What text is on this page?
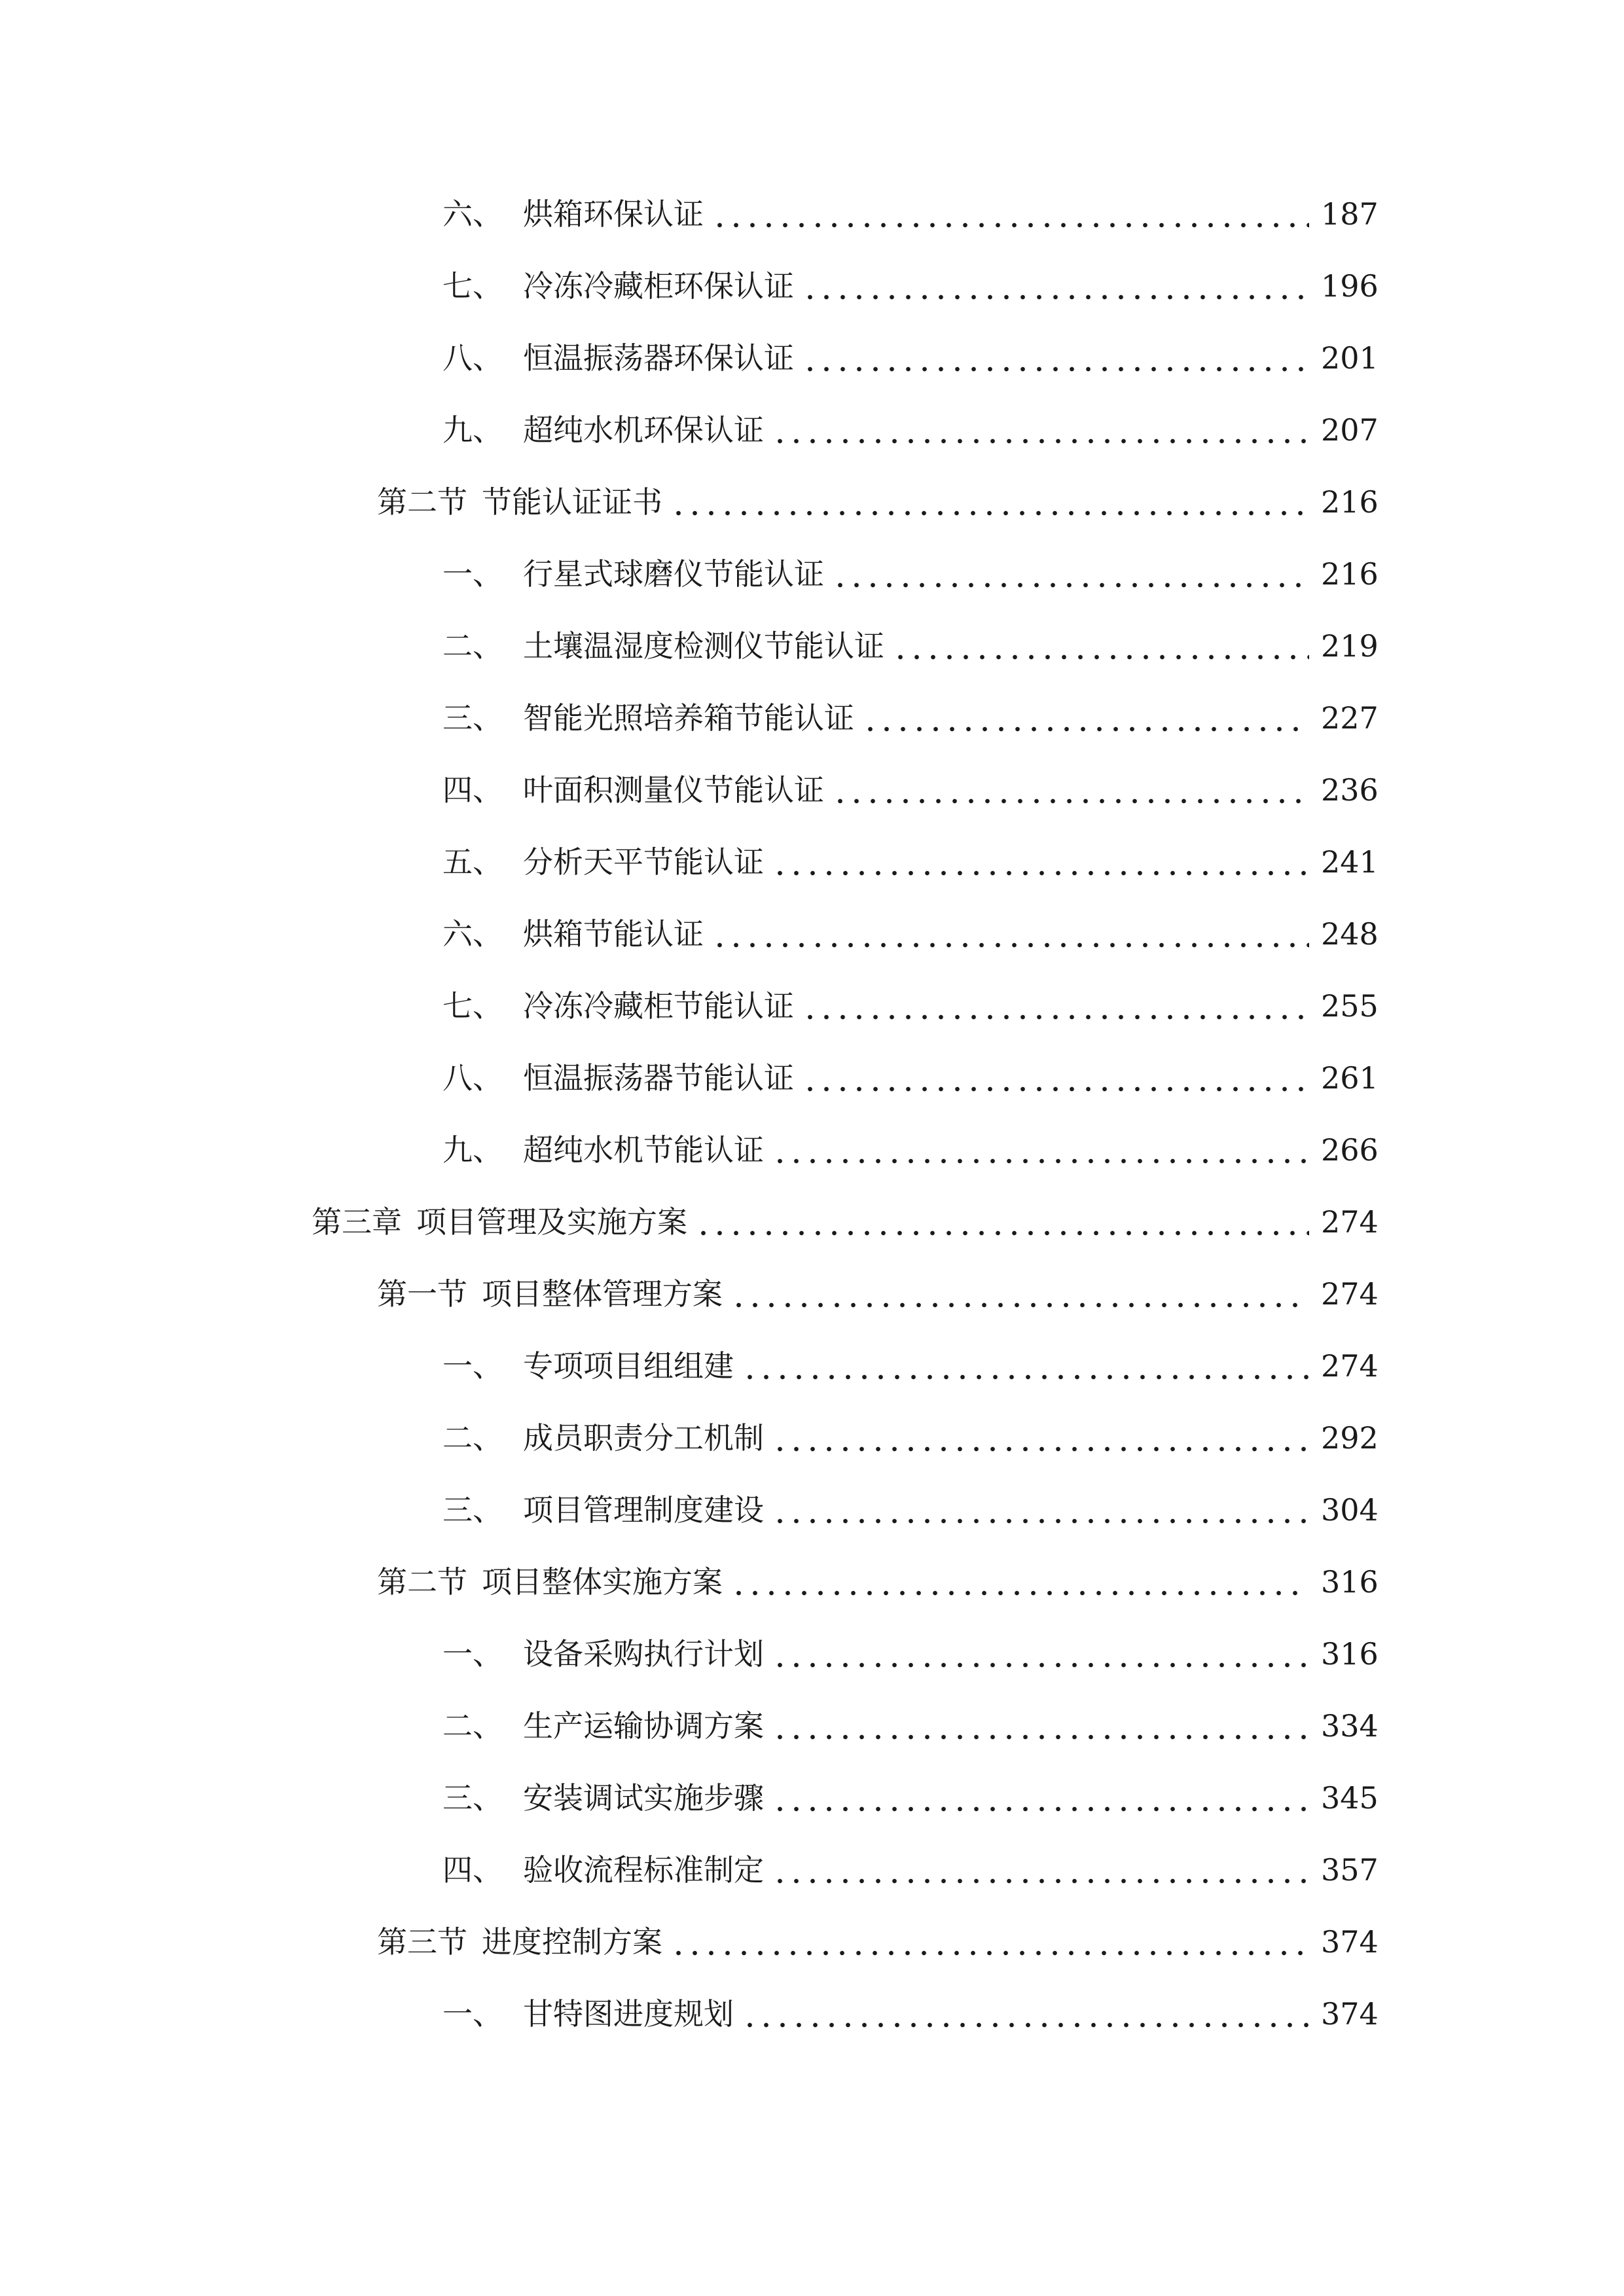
六、 烘箱环保认证	187
七、 冷冻冷藏柜环保认证	196
八、 恒温振荡器环保认证	201
九、 超纯水机环保认证	207
第二节 节能认证证书	216
一、 行星式球磨仪节能认证	216
二、 土壤温湿度检测仪节能认证	219
三、 智能光照培养箱节能认证	227
四、 叶面积测量仪节能认证	236
五、 分析天平节能认证	241
六、 烘箱节能认证	248
七、 冷冻冷藏柜节能认证	255
八、 恒温振荡器节能认证	261
九、 超纯水机节能认证	266
第三章 项目管理及实施方案	274
第一节 项目整体管理方案	274
一、 专项项目组组建	274
二、 成员职责分工机制	292
三、 项目管理制度建设	304
第二节 项目整体实施方案	316
一、 设备采购执行计划	316
二、 生产运输协调方案	334
三、 安装调试实施步骤	345
四、 验收流程标准制定	357
第三节 进度控制方案	374
一、 甘特图进度规划	374
